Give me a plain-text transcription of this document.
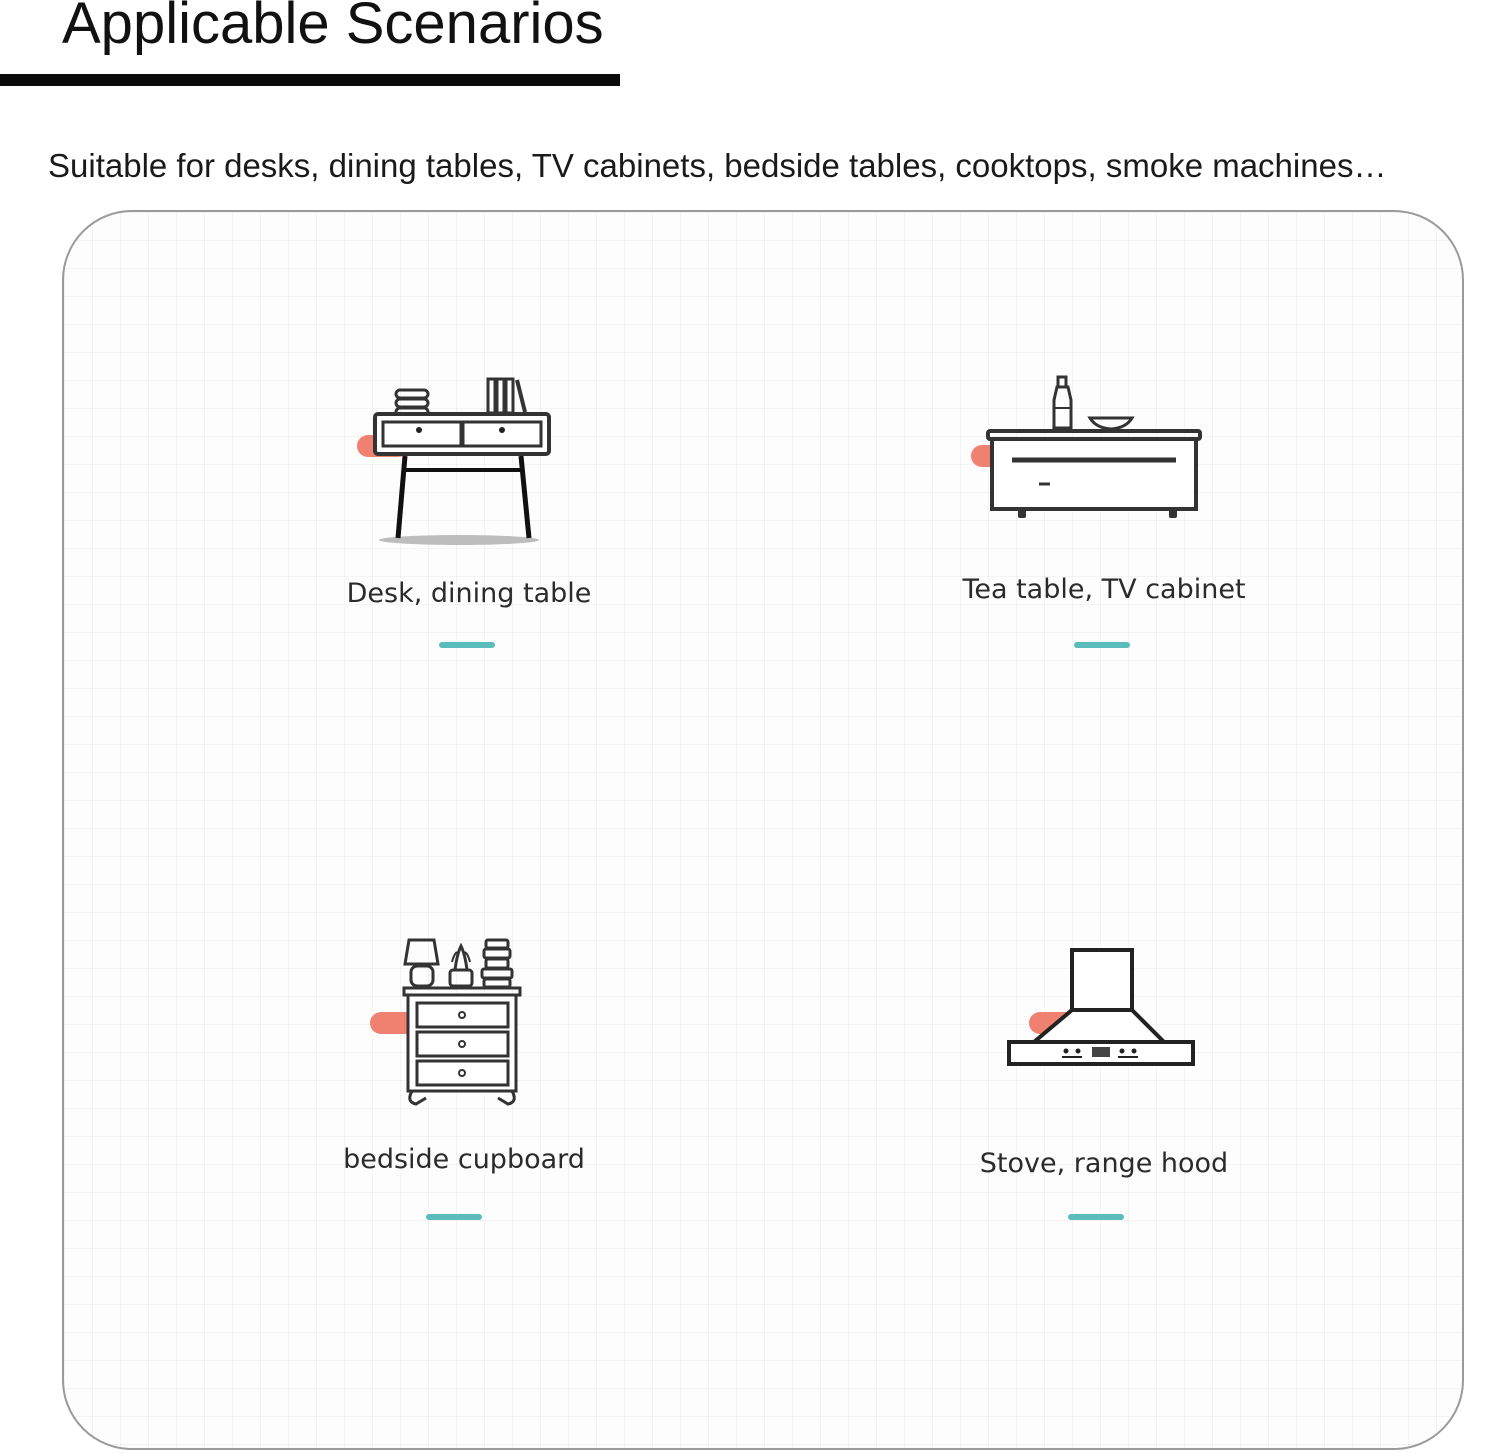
Applicable Scenarios
Suitable for desks, dining tables, TV cabinets, bedside tables, cooktops, smoke machines…
Desk, dining table	Tea table, TV cabinet
bedside cupboard	Stove, range hood
